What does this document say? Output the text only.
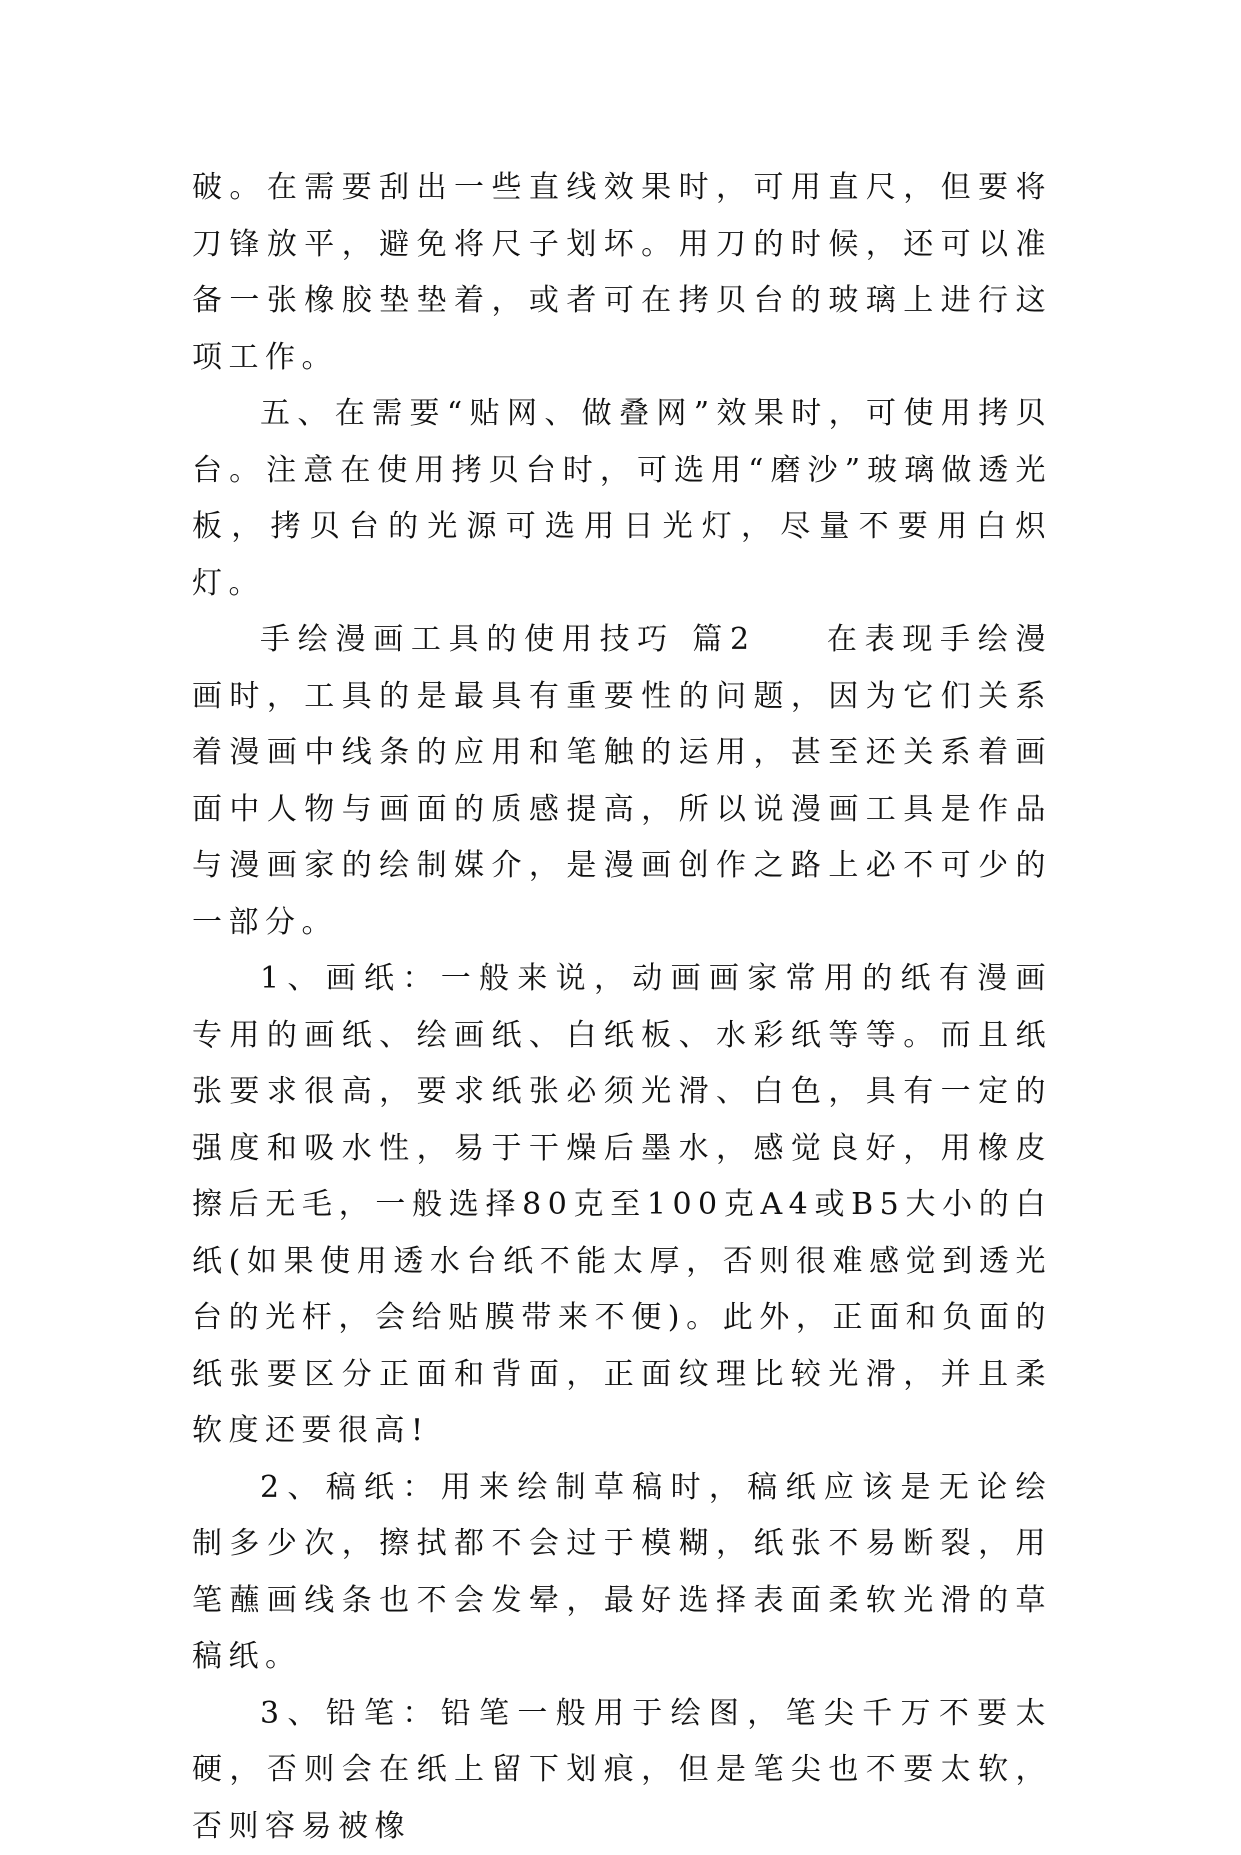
破。在需要刮出一些直线效果时，可用直尺，但要将刀锋放平，避免将尺子划坏。用刀的时候，还可以准备一张橡胶垫垫着，或者可在拷贝台的玻璃上进行这项工作。

五、在需要“贴网、做叠网”效果时，可使用拷贝台。注意在使用拷贝台时，可选用“磨沙”玻璃做透光板，拷贝台的光源可选用日光灯，尽量不要用白炽灯。

手绘漫画工具的使用技巧 篇2 在表现手绘漫画时，工具的是最具有重要性的问题，因为它们关系着漫画中线条的应用和笔触的运用，甚至还关系着画面中人物与画面的质感提高，所以说漫画工具是作品与漫画家的绘制媒介，是漫画创作之路上必不可少的一部分。

1、画纸：一般来说，动画画家常用的纸有漫画专用的画纸、绘画纸、白纸板、水彩纸等等。而且纸张要求很高，要求纸张必须光滑、白色，具有一定的强度和吸水性，易于干燥后墨水，感觉良好，用橡皮擦后无毛，一般选择80克至100克A4或B5大小的白纸(如果使用透水台纸不能太厚，否则很难感觉到透光台的光杆，会给贴膜带来不便)。此外，正面和负面的纸张要区分正面和背面，正面纹理比较光滑，并且柔软度还要很高!

2、稿纸：用来绘制草稿时，稿纸应该是无论绘制多少次，擦拭都不会过于模糊，纸张不易断裂，用笔蘸画线条也不会发晕，最好选择表面柔软光滑的草稿纸。

3、铅笔：铅笔一般用于绘图，笔尖千万不要太硬，否则会在纸上留下划痕，但是笔尖也不要太软，否则容易被橡
